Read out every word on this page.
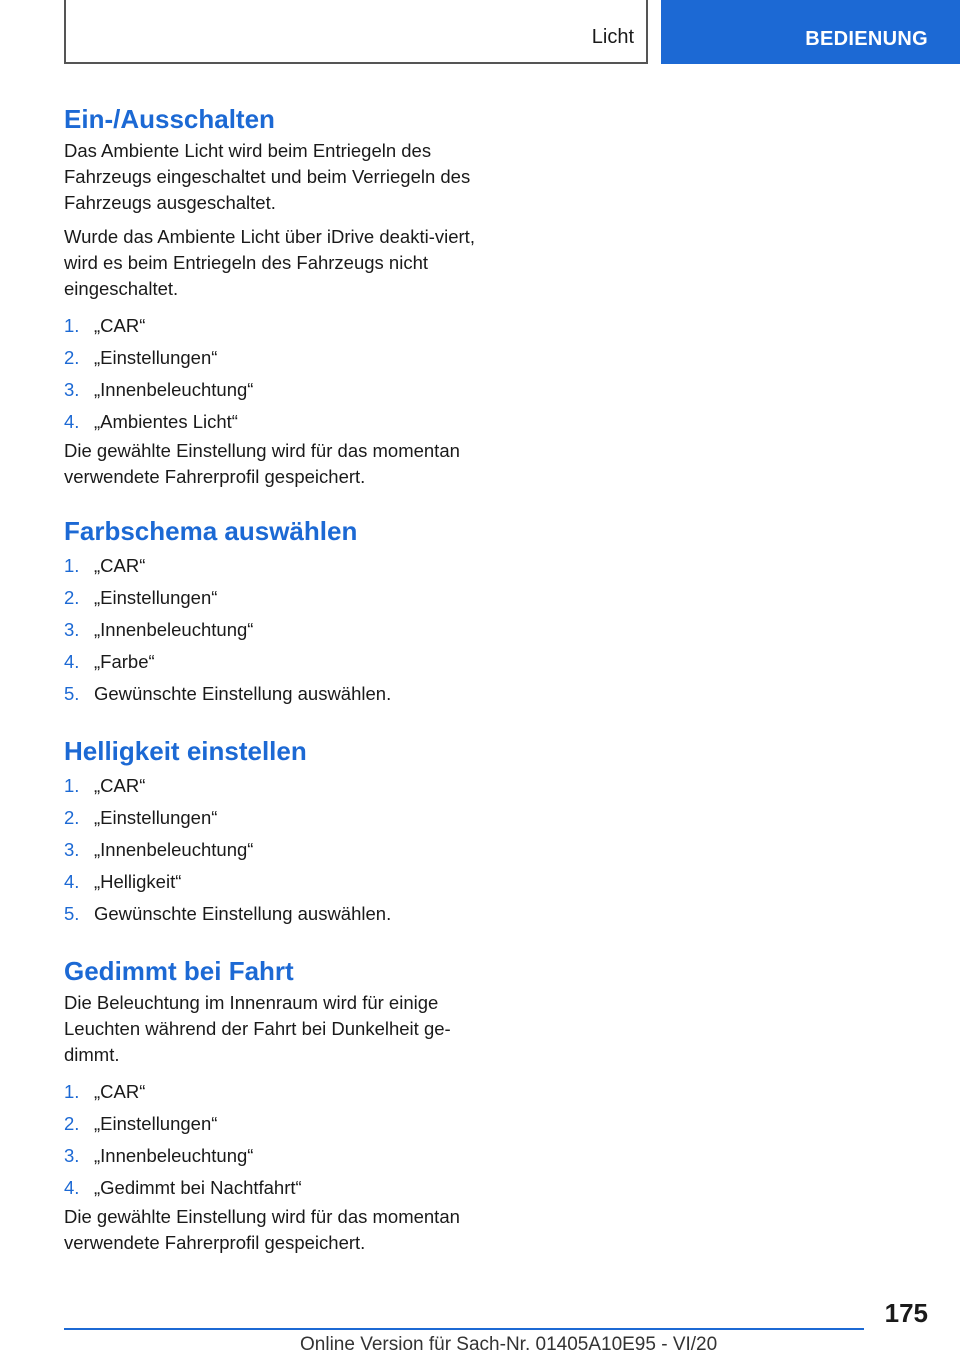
Licht	BEDIENUNG
Ein-/Ausschalten

Das Ambiente Licht wird beim Entriegeln des Fahrzeugs eingeschaltet und beim Verriegeln des Fahrzeugs ausgeschaltet.

Wurde das Ambiente Licht über iDrive deakti-viert, wird es beim Entriegeln des Fahrzeugs nicht eingeschaltet.

1. „CAR“
2. „Einstellungen“
3. „Innenbeleuchtung“
4. „Ambientes Licht“

Die gewählte Einstellung wird für das momentan verwendete Fahrerprofil gespeichert.

Farbschema auswählen
1. „CAR“
2. „Einstellungen“
3. „Innenbeleuchtung“
4. „Farbe“
5. Gewünschte Einstellung auswählen.
Helligkeit einstellen
1. „CAR“
2. „Einstellungen“
3. „Innenbeleuchtung“
4. „Helligkeit“
5. Gewünschte Einstellung auswählen.
Gedimmt bei Fahrt

Die Beleuchtung im Innenraum wird für einige Leuchten während der Fahrt bei Dunkelheit ge-dimmt.

1. „CAR“
2. „Einstellungen“
3. „Innenbeleuchtung“
4. „Gedimmt bei Nachtfahrt“

Die gewählte Einstellung wird für das momentan verwendete Fahrerprofil gespeichert.

175
Online Version für Sach-Nr. 01405A10E95 - VI/20
